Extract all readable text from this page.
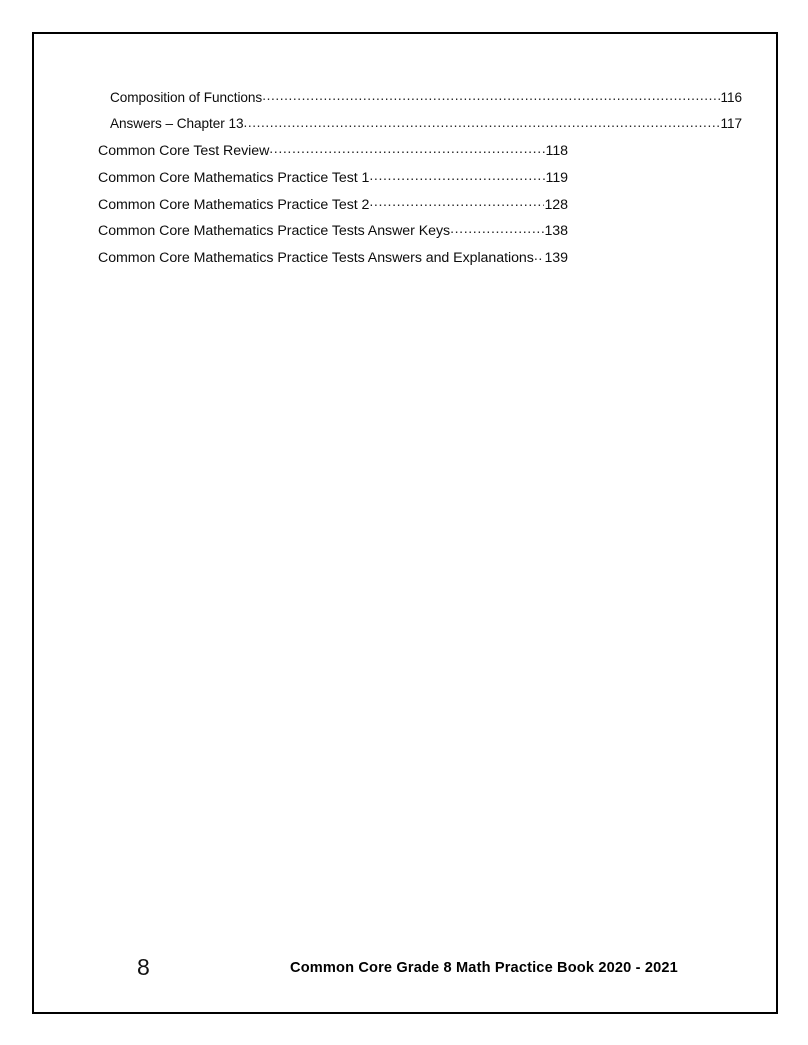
Composition of Functions .....	116
Answers – Chapter 13 .....	117
Common Core Test Review .....	118
Common Core Mathematics Practice Test 1 .....	119
Common Core Mathematics Practice Test 2 .....	128
Common Core Mathematics Practice Tests Answer Keys .....	138
Common Core Mathematics Practice Tests Answers and Explanations ..... 139
8	Common Core Grade 8 Math Practice Book 2020 - 2021
